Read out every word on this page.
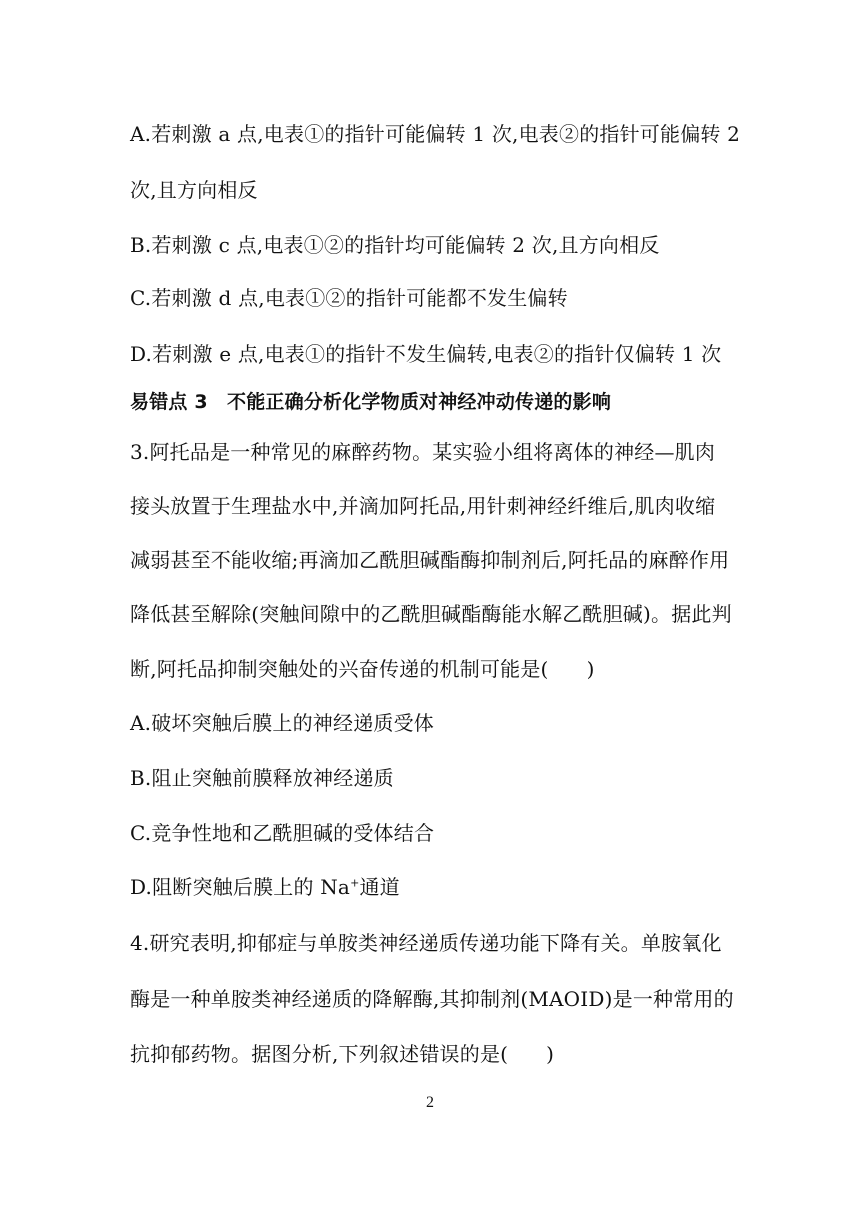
A.若刺激 a 点,电表①的指针可能偏转 1 次,电表②的指针可能偏转 2

次,且方向相反

B.若刺激 c 点,电表①②的指针均可能偏转 2 次,且方向相反

C.若刺激 d 点,电表①②的指针可能都不发生偏转

D.若刺激 e 点,电表①的指针不发生偏转,电表②的指针仅偏转 1 次

易错点 3　不能正确分析化学物质对神经冲动传递的影响

3.阿托品是一种常见的麻醉药物。某实验小组将离体的神经—肌肉

接头放置于生理盐水中,并滴加阿托品,用针刺神经纤维后,肌肉收缩

减弱甚至不能收缩;再滴加乙酰胆碱酯酶抑制剂后,阿托品的麻醉作用

降低甚至解除(突触间隙中的乙酰胆碱酯酶能水解乙酰胆碱)。据此判

断,阿托品抑制突触处的兴奋传递的机制可能是( )

A.破坏突触后膜上的神经递质受体

B.阻止突触前膜释放神经递质

C.竞争性地和乙酰胆碱的受体结合

D.阻断突触后膜上的 Na+通道

4.研究表明,抑郁症与单胺类神经递质传递功能下降有关。单胺氧化

酶是一种单胺类神经递质的降解酶,其抑制剂(MAOID)是一种常用的

抗抑郁药物。据图分析,下列叙述错误的是( )

2
